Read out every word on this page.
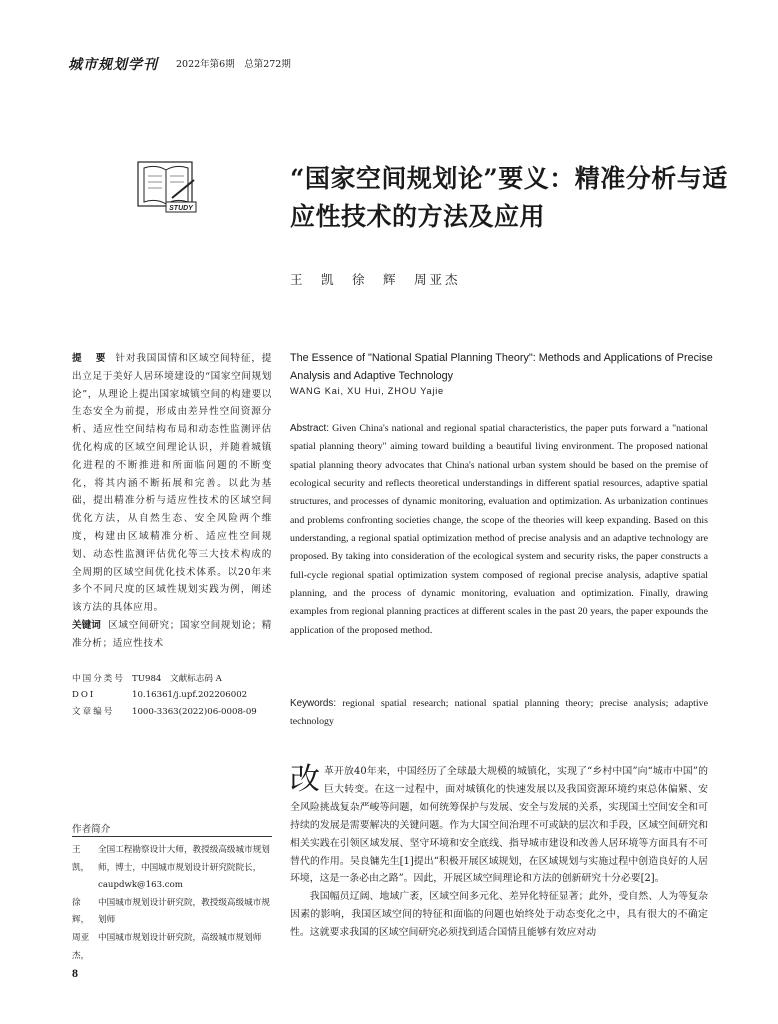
城市规划学刊 2022年第6期　总第272期
STUDY
“国家空间规划论”要义：精准分析与适应性技术的方法及应用
王　凯　徐　辉　周亚杰
提　要 针对我国国情和区域空间特征，提出立足于美好人居环境建设的“国家空间规划论”，从理论上提出国家城镇空间的构建要以生态安全为前提，形成由差异性空间资源分析、适应性空间结构布局和动态性监测评估优化构成的区域空间理论认识，并随着城镇化进程的不断推进和所面临问题的不断变化，将其内涵不断拓展和完善。以此为基础，提出精准分析与适应性技术的区域空间优化方法，从自然生态、安全风险两个维度，构建由区域精准分析、适应性空间规划、动态性监测评估优化等三大技术构成的全周期的区域空间优化技术体系。以20年来多个不同尺度的区域性规划实践为例，阐述该方法的具体应用。
关键词 区域空间研究；国家空间规划论；精准分析；适应性技术
中国分类号 TU984　文献标志码 A
DOI	10.16361/j.upf.202206002
文章编号	1000-3363(2022)06-0008-09
作者简介
王　凯，
全国工程勘察设计大师，教授级高级城市规划师，博士，中国城市规划设计研究院院长，caupdwk@163.com
徐　辉，
中国城市规划设计研究院，教授级高级城市规划师
周亚杰，
中国城市规划设计研究院，高级城市规划师
The Essence of "National Spatial Planning Theory": Methods and Applications of Precise Analysis and Adaptive Technology
WANG Kai, XU Hui, ZHOU Yajie
Abstract: Given China's national and regional spatial characteristics, the paper puts forward a "national spatial planning theory" aiming toward building a beautiful living environment. The proposed national spatial planning theory advocates that China's national urban system should be based on the premise of ecological security and reflects theoretical understandings in different spatial resources, adaptive spatial structures, and processes of dynamic monitoring, evaluation and optimization. As urbanization continues and problems confronting societies change, the scope of the theories will keep expanding. Based on this understanding, a regional spatial optimization method of precise analysis and an adaptive technology are proposed. By taking into consideration of the ecological system and security risks, the paper constructs a full-cycle regional spatial optimization system composed of regional precise analysis, adaptive spatial planning, and the process of dynamic monitoring, evaluation and optimization. Finally, drawing examples from regional planning practices at different scales in the past 20 years, the paper expounds the application of the proposed method.
Keywords: regional spatial research; national spatial planning theory; precise analysis; adaptive technology
改革开放40年来，中国经历了全球最大规模的城镇化，实现了“乡村中国”向“城市中国”的巨大转变。在这一过程中，面对城镇化的快速发展以及我国资源环境约束总体偏紧、安全风险挑战复杂严峻等问题，如何统筹保护与发展、安全与发展的关系，实现国土空间安全和可持续的发展是需要解决的关键问题。作为大国空间治理不可或缺的层次和手段，区域空间研究和相关实践在引领区域发展、坚守环境和安全底线、指导城市建设和改善人居环境等方面具有不可替代的作用。吴良镛先生[1]提出“积极开展区域规划，在区域规划与实施过程中创造良好的人居环境，这是一条必由之路”。因此，开展区域空间理论和方法的创新研究十分必要[2]。
我国幅员辽阔、地域广袤，区域空间多元化、差异化特征显著；此外，受自然、人为等复杂因素的影响，我国区域空间的特征和面临的问题也始终处于动态变化之中，具有很大的不确定性。这就要求我国的区域空间研究必须找到适合国情且能够有效应对动
8
